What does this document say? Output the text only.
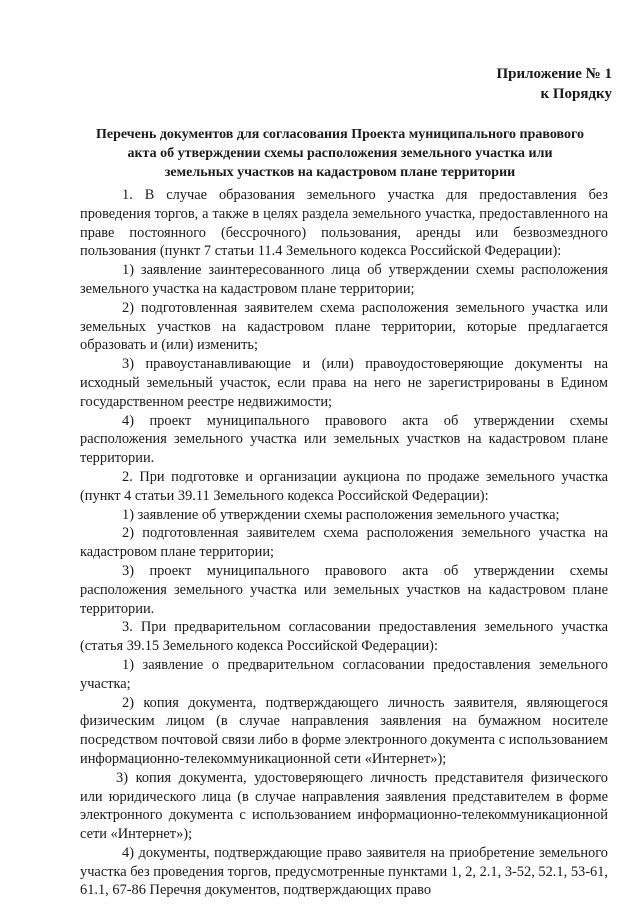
Приложение № 1
к Порядку
Перечень документов для согласования Проекта муниципального правового
акта об утверждении схемы расположения земельного участка или
земельных участков на кадастровом плане территории

1. В случае образования земельного участка для предоставления без проведения торгов, а также в целях раздела земельного участка, предоставленного на праве постоянного (бессрочного) пользования, аренды или безвозмездного пользования (пункт 7 статьи 11.4 Земельного кодекса Российской Федерации):

1) заявление заинтересованного лица об утверждении схемы расположения земельного участка на кадастровом плане территории;

2) подготовленная заявителем схема расположения земельного участка или земельных участков на кадастровом плане территории, которые предлагается образовать и (или) изменить;

3) правоустанавливающие и (или) правоудостоверяющие документы на исходный земельный участок, если права на него не зарегистрированы в Едином государственном реестре недвижимости;

4) проект муниципального правового акта об утверждении схемы расположения земельного участка или земельных участков на кадастровом плане территории.

2. При подготовке и организации аукциона по продаже земельного участка (пункт 4 статьи 39.11 Земельного кодекса Российской Федерации):

1) заявление об утверждении схемы расположения земельного участка;

2) подготовленная заявителем схема расположения земельного участка на кадастровом плане территории;

3) проект муниципального правового акта об утверждении схемы расположения земельного участка или земельных участков на кадастровом плане территории.

3. При предварительном согласовании предоставления земельного участка (статья 39.15 Земельного кодекса Российской Федерации):

1) заявление о предварительном согласовании предоставления земельного участка;

2) копия документа, подтверждающего личность заявителя, являющегося физическим лицом (в случае направления заявления на бумажном носителе посредством почтовой связи либо в форме электронного документа с использованием информационно-телекоммуникационной сети «Интернет»);

3) копия документа, удостоверяющего личность представителя физического или юридического лица (в случае направления заявления представителем в форме электронного документа с использованием информационно-телекоммуникационной сети «Интернет»);

4) документы, подтверждающие право заявителя на приобретение земельного участка без проведения торгов, предусмотренные пунктами 1, 2, 2.1, 3-52, 52.1, 53-61, 61.1, 67-86 Перечня документов, подтверждающих право
